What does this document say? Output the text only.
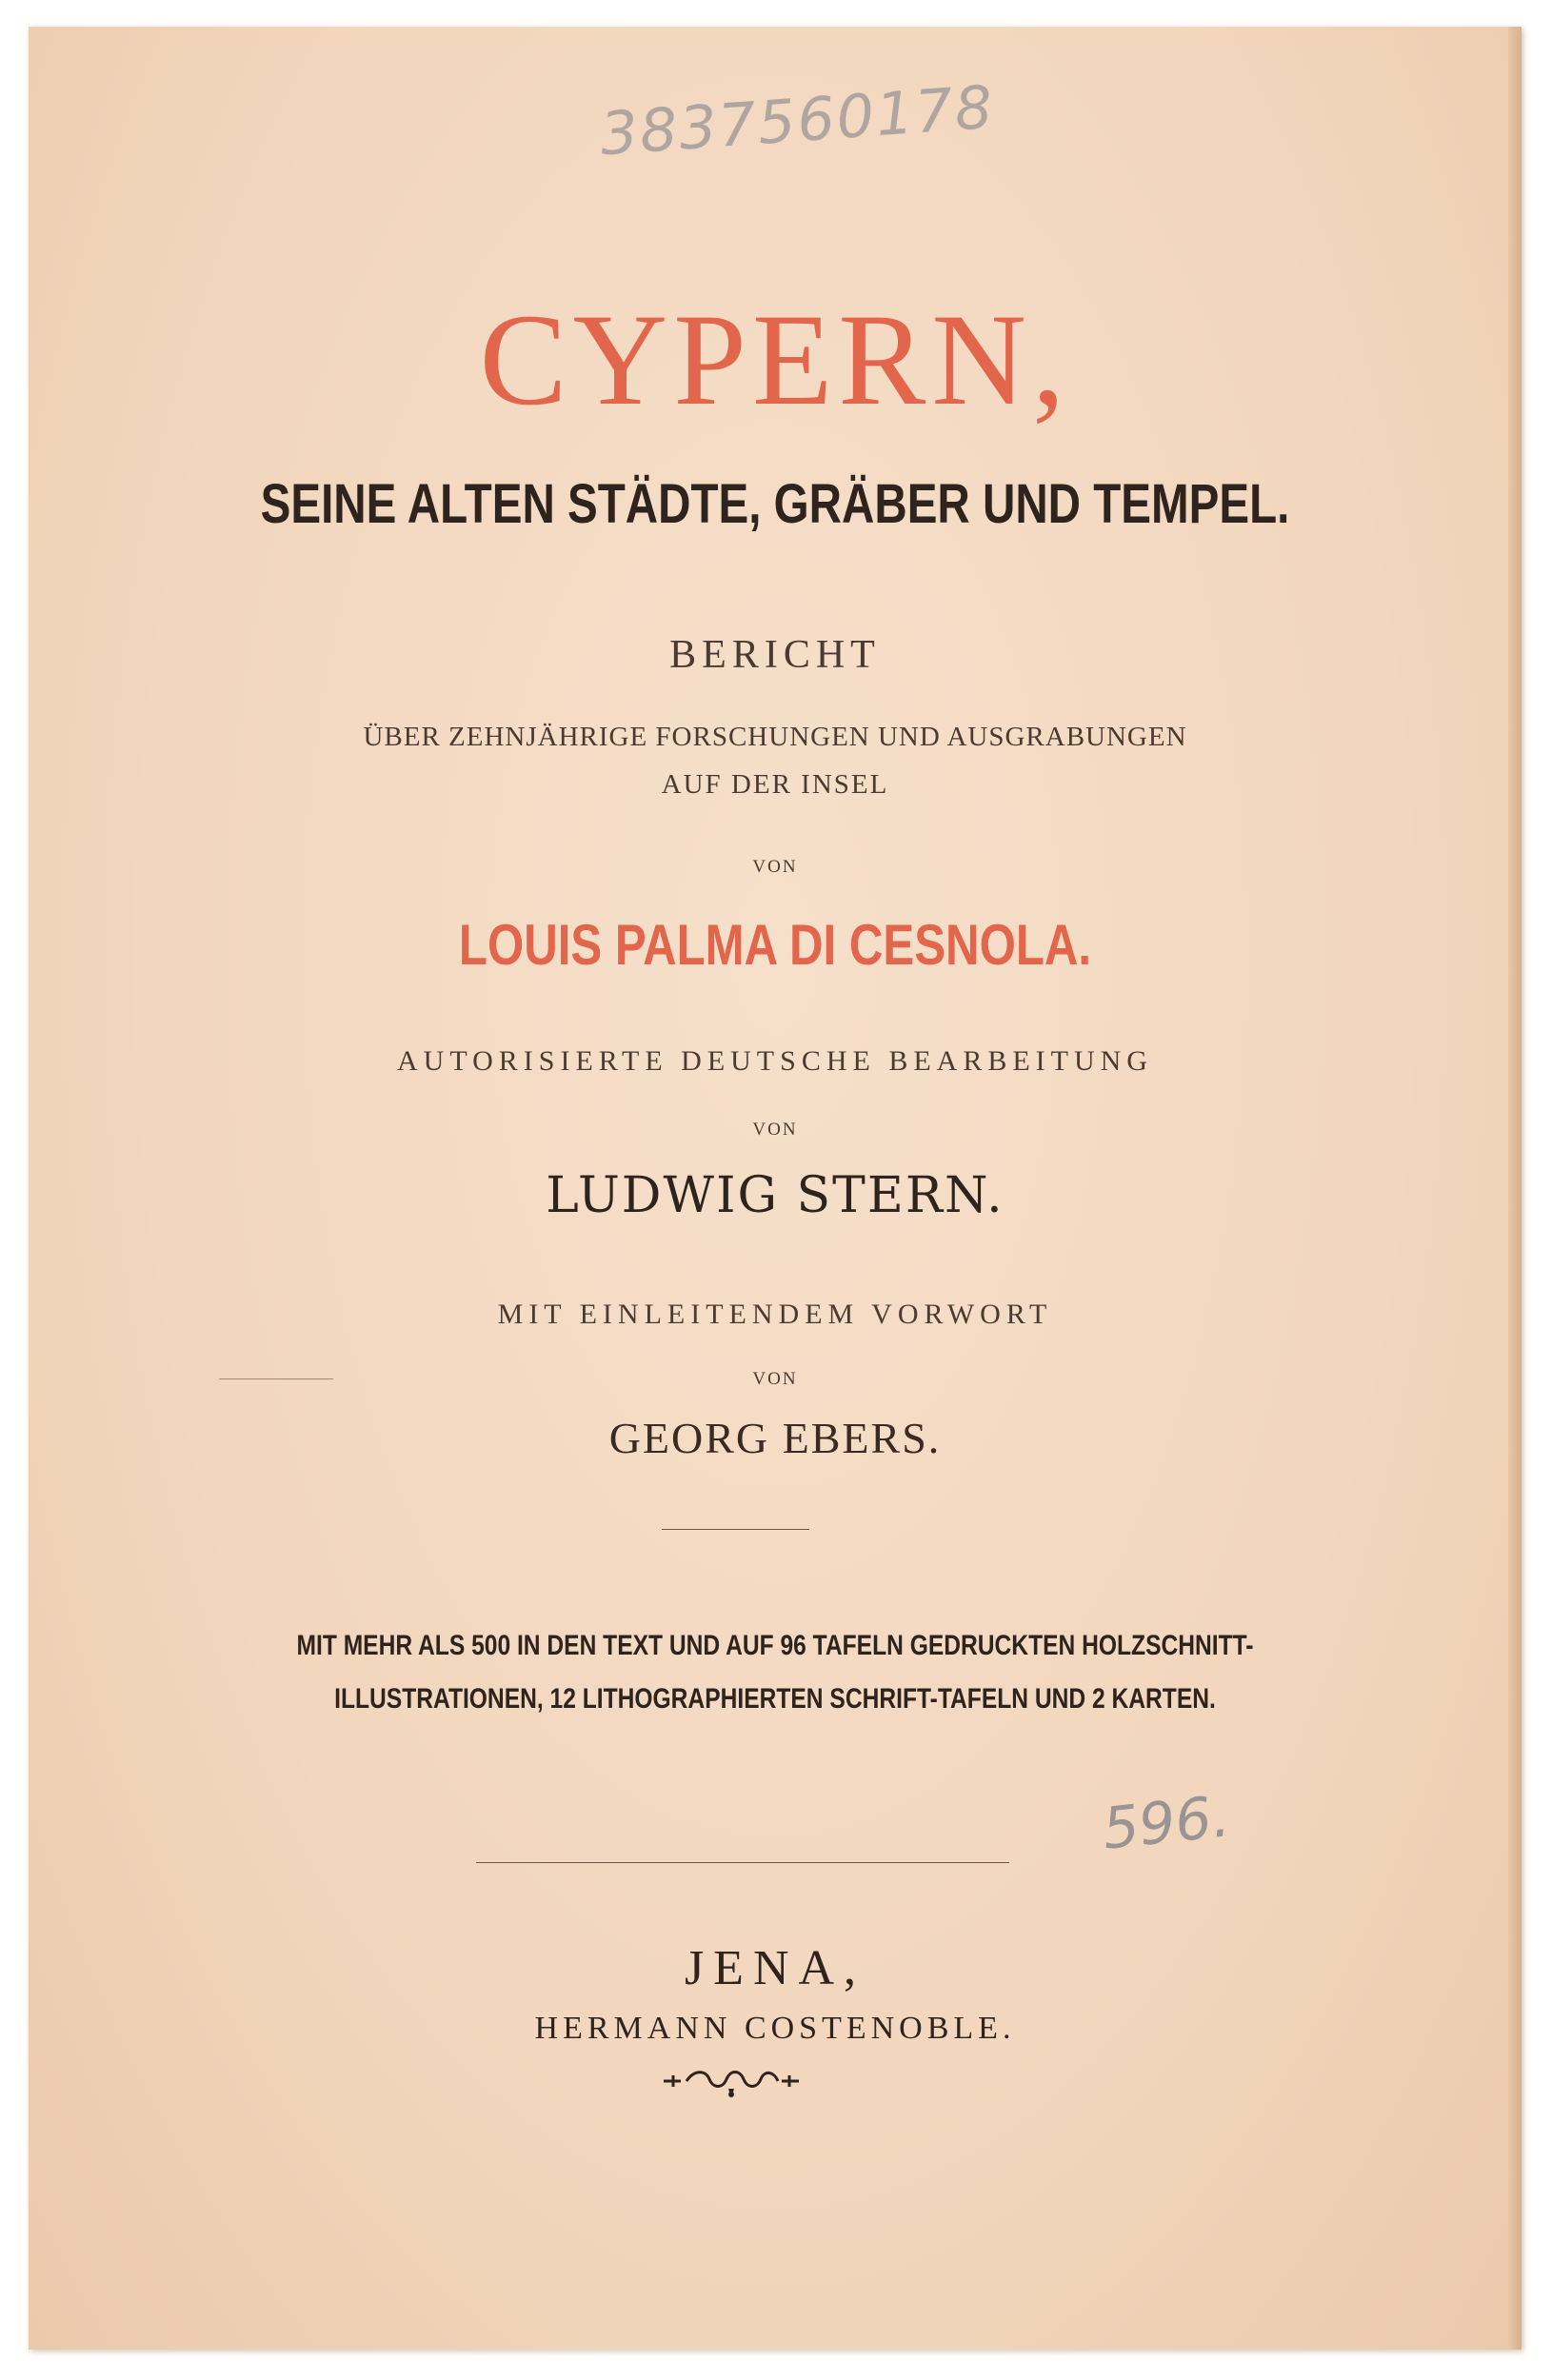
3837560178
CYPERN,

SEINE ALTEN STÄDTE, GRÄBER UND TEMPEL.

BERICHT

ÜBER ZEHNJÄHRIGE FORSCHUNGEN UND AUSGRABUNGEN

AUF DER INSEL

VON

LOUIS PALMA DI CESNOLA.

AUTORISIERTE DEUTSCHE BEARBEITUNG

VON

LUDWIG STERN.

MIT EINLEITENDEM VORWORT

VON

GEORG EBERS.

MIT MEHR ALS 500 IN DEN TEXT UND AUF 96 TAFELN GEDRUCKTEN HOLZSCHNITT-

ILLUSTRATIONEN, 12 LITHOGRAPHIERTEN SCHRIFT-TAFELN UND 2 KARTEN.

596.

JENA,

HERMANN COSTENOBLE.
